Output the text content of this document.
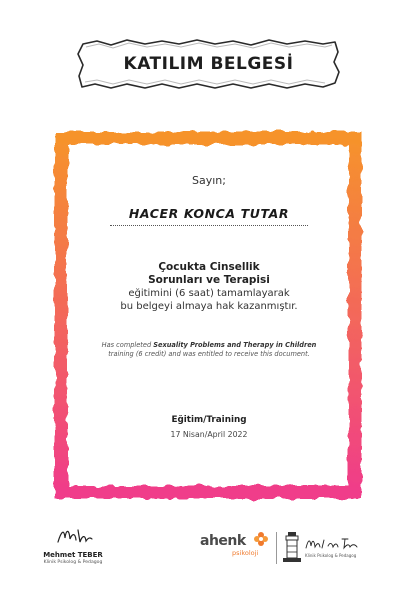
KATILIM BELGESİ
Sayın;
HACER KONCA TUTAR
Çocukta Cinsellik
Sorunları ve Terapisi
eğitimini (6 saat) tamamlayarak
bu belgeyi almaya hak kazanmıştır.
Has completed Sexuality Problems and Therapy in Children training (6 credit) and was entitled to receive this document.
Eğitim/Training
17 Nisan/April 2022
Mehmet TEBER
Klinik Psikolog & Pedagog
ahenk
psikoloji	Klinik Psikolog & Pedagog
